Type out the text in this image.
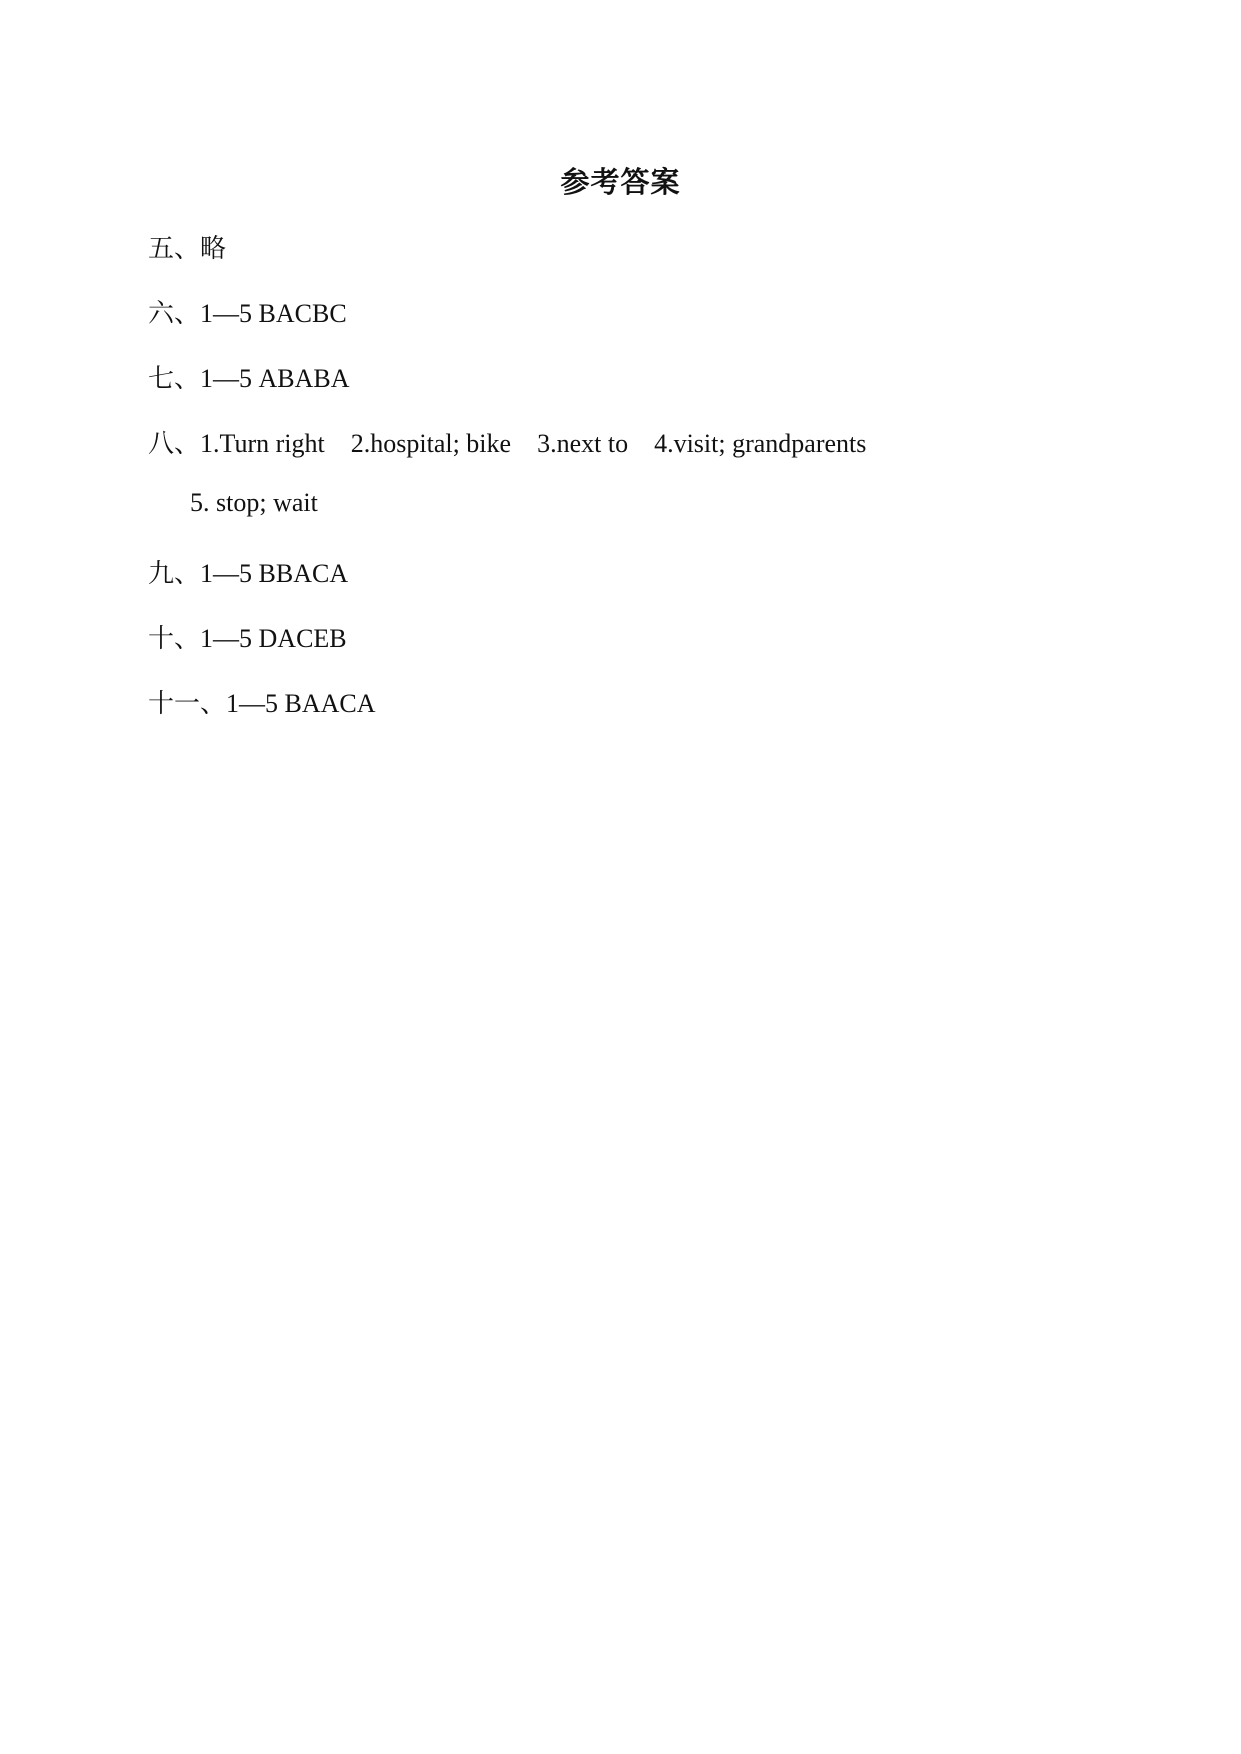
参考答案
五、略
六、1—5 BACBC
七、1—5 ABABA
八、1.Turn right 2.hospital; bike 3.next to 4.visit; grandparents
5. stop; wait
九、1—5 BBACA
十、1—5 DACEB
十一、1—5 BAACA
